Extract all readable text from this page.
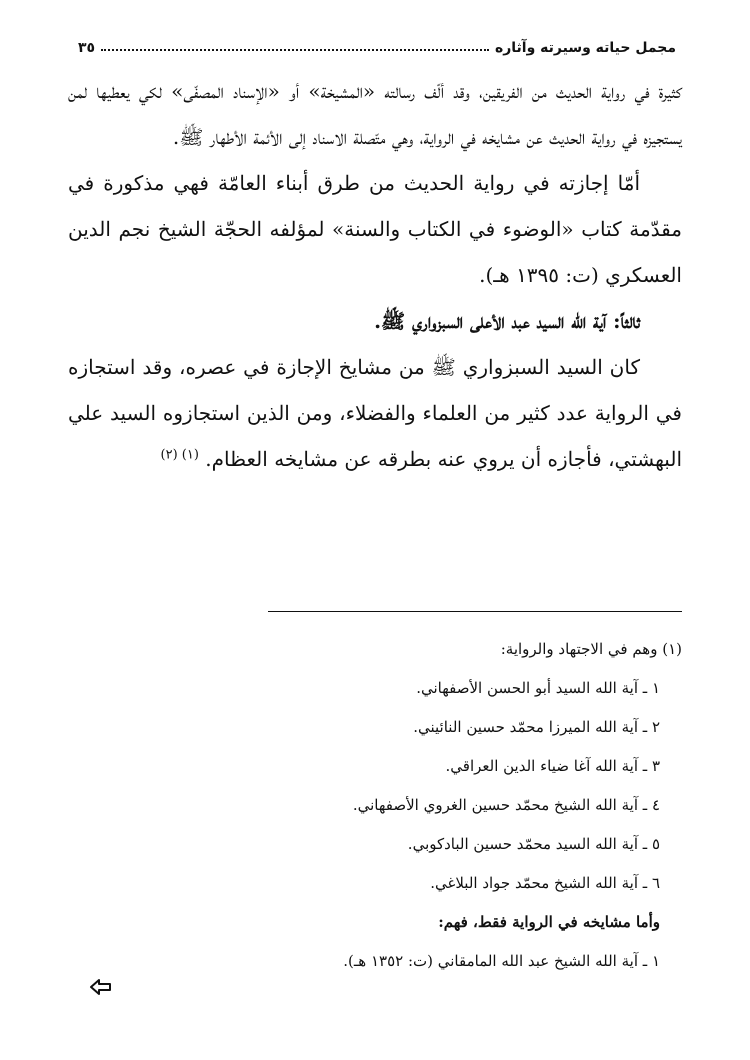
مجمل حياته وسيرته وآثاره
٣٥

كثيرة في رواية الحديث من الفريقين، وقد ألّف رسالته «المشيخة» أو «الإسناد المصفّى» لكي يعطيها لمن يستجيزه في رواية الحديث عن مشايخه في الرواية، وهي متّصلة الاسناد إلى الأئمة الأطهار ﷺ.

أمّا إجازته في رواية الحديث من طرق أبناء العامّة فهي مذكورة في مقدّمة كتاب «الوضوء في الكتاب والسنة» لمؤلفه الحجّة الشيخ نجم الدين العسكري (ت: ١٣٩٥ هـ).

ثالثاً: آية الله السيد عبد الأعلى السبزواري ﷺ.

كان السيد السبزواري ﷺ من مشايخ الإجازة في عصره، وقد استجازه في الرواية عدد كثير من العلماء والفضلاء، ومن الذين استجازوه السيد علي البهشتي، فأجازه أن يروي عنه بطرقه عن مشايخه العظام. $^{(١) (٢)}$

(١) وهم في الاجتهاد والرواية:
١ ـ آية الله السيد أبو الحسن الأصفهاني.
٢ ـ آية الله الميرزا محمّد حسين النائيني.
٣ ـ آية الله آغا ضياء الدين العراقي.
٤ ـ آية الله الشيخ محمّد حسين الغروي الأصفهاني.
٥ ـ آية الله السيد محمّد حسين البادكوبي.
٦ ـ آية الله الشيخ محمّد جواد البلاغي.
وأما مشايخه في الرواية فقط، فهم:
١ ـ آية الله الشيخ عبد الله المامقاني (ت: ١٣٥٢ هـ).
